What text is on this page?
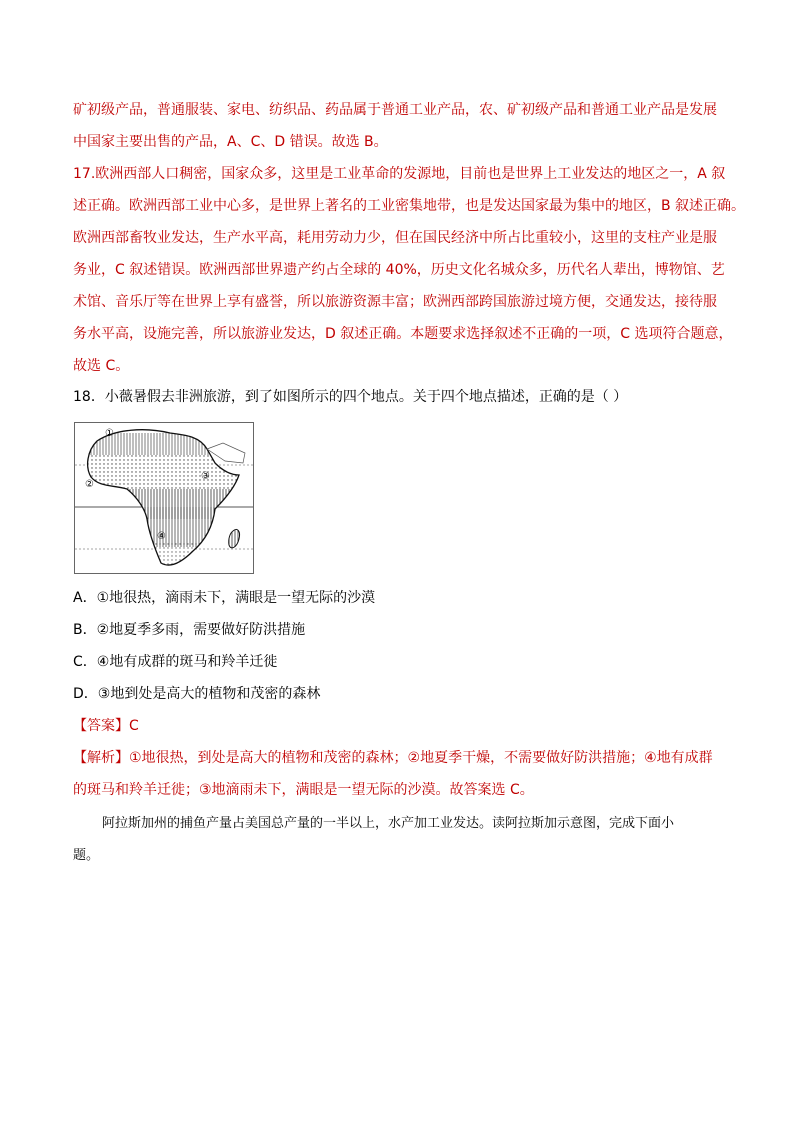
矿初级产品，普通服装、家电、纺织品、药品属于普通工业产品，农、矿初级产品和普通工业产品是发展
中国家主要出售的产品，A、C、D 错误。故选 B。
17.欧洲西部人口稠密，国家众多，这里是工业革命的发源地，目前也是世界上工业发达的地区之一，A 叙
述正确。欧洲西部工业中心多，是世界上著名的工业密集地带，也是发达国家最为集中的地区，B 叙述正确。
欧洲西部畜牧业发达，生产水平高，耗用劳动力少，但在国民经济中所占比重较小，这里的支柱产业是服
务业，C 叙述错误。欧洲西部世界遗产约占全球的 40%，历史文化名城众多，历代名人辈出，博物馆、艺
术馆、音乐厅等在世界上享有盛誉，所以旅游资源丰富；欧洲西部跨国旅游过境方便，交通发达，接待服
务水平高，设施完善，所以旅游业发达，D 叙述正确。本题要求选择叙述不正确的一项，C 选项符合题意，
故选 C。
18．小薇暑假去非洲旅游，到了如图所示的四个地点。关于四个地点描述，正确的是（ ）
①
②
③
④
A．①地很热，滴雨未下，满眼是一望无际的沙漠
B．②地夏季多雨，需要做好防洪措施
C．④地有成群的斑马和羚羊迁徙
D．③地到处是高大的植物和茂密的森林
【答案】C
【解析】①地很热，到处是高大的植物和茂密的森林；②地夏季干燥，不需要做好防洪措施；④地有成群
的斑马和羚羊迁徙；③地滴雨未下，满眼是一望无际的沙漠。故答案选 C。
阿拉斯加州的捕鱼产量占美国总产量的一半以上，水产加工业发达。读阿拉斯加示意图，完成下面小
题。
